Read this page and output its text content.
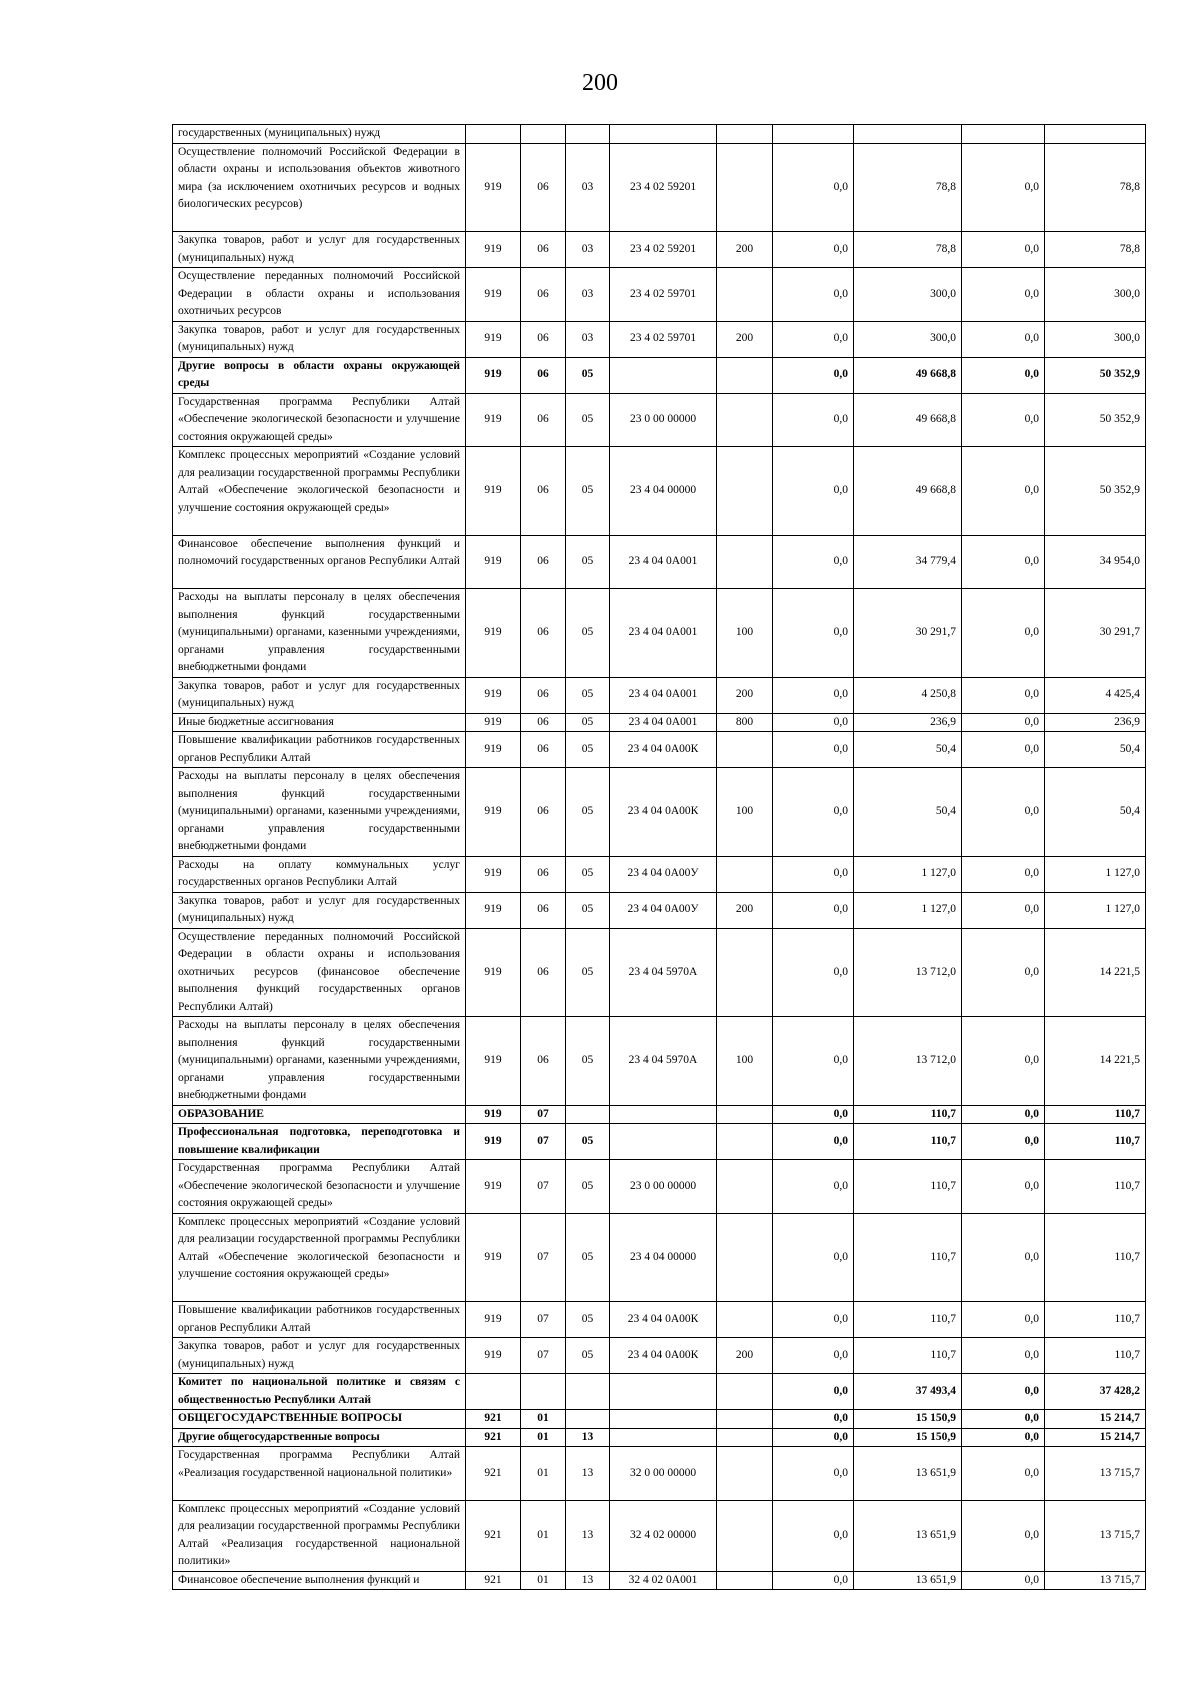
200
государственных (муниципальных) нужд									
Осуществление полномочий Российской Федерации в области охраны и использования объектов животного мира (за исключением охотничьих ресурсов и водных биологических ресурсов)	919	06	03	23 4 02 59201		0,0	78,8	0,0	78,8
Закупка товаров, работ и услуг для государственных (муниципальных) нужд	919	06	03	23 4 02 59201	200	0,0	78,8	0,0	78,8
Осуществление переданных полномочий Российской Федерации в области охраны и использования охотничьих ресурсов	919	06	03	23 4 02 59701		0,0	300,0	0,0	300,0
Закупка товаров, работ и услуг для государственных (муниципальных) нужд	919	06	03	23 4 02 59701	200	0,0	300,0	0,0	300,0
Другие вопросы в области охраны окружающей среды	919	06	05			0,0	49 668,8	0,0	50 352,9
Государственная программа Республики Алтай «Обеспечение экологической безопасности и улучшение состояния окружающей среды»	919	06	05	23 0 00 00000		0,0	49 668,8	0,0	50 352,9
Комплекс процессных мероприятий «Создание условий для реализации государственной программы Республики Алтай «Обеспечение экологической безопасности и улучшение состояния окружающей среды»	919	06	05	23 4 04 00000		0,0	49 668,8	0,0	50 352,9
Финансовое обеспечение выполнения функций и полномочий государственных органов Республики Алтай	919	06	05	23 4 04 0А001		0,0	34 779,4	0,0	34 954,0
Расходы на выплаты персоналу в целях обеспечения выполнения функций государственными (муниципальными) органами, казенными учреждениями, органами управления государственными внебюджетными фондами	919	06	05	23 4 04 0А001	100	0,0	30 291,7	0,0	30 291,7
Закупка товаров, работ и услуг для государственных (муниципальных) нужд	919	06	05	23 4 04 0А001	200	0,0	4 250,8	0,0	4 425,4
Иные бюджетные ассигнования	919	06	05	23 4 04 0А001	800	0,0	236,9	0,0	236,9
Повышение квалификации работников государственных органов Республики Алтай	919	06	05	23 4 04 0А00К		0,0	50,4	0,0	50,4
Расходы на выплаты персоналу в целях обеспечения выполнения функций государственными (муниципальными) органами, казенными учреждениями, органами управления государственными внебюджетными фондами	919	06	05	23 4 04 0А00К	100	0,0	50,4	0,0	50,4
Расходы на оплату коммунальных услуг государственных органов Республики Алтай	919	06	05	23 4 04 0А00У		0,0	1 127,0	0,0	1 127,0
Закупка товаров, работ и услуг для государственных (муниципальных) нужд	919	06	05	23 4 04 0А00У	200	0,0	1 127,0	0,0	1 127,0
Осуществление переданных полномочий Российской Федерации в области охраны и использования охотничьих ресурсов (финансовое обеспечение выполнения функций государственных органов Республики Алтай)	919	06	05	23 4 04 5970А		0,0	13 712,0	0,0	14 221,5
Расходы на выплаты персоналу в целях обеспечения выполнения функций государственными (муниципальными) органами, казенными учреждениями, органами управления государственными внебюджетными фондами	919	06	05	23 4 04 5970А	100	0,0	13 712,0	0,0	14 221,5
ОБРАЗОВАНИЕ	919	07				0,0	110,7	0,0	110,7
Профессиональная подготовка, переподготовка и повышение квалификации	919	07	05			0,0	110,7	0,0	110,7
Государственная программа Республики Алтай «Обеспечение экологической безопасности и улучшение состояния окружающей среды»	919	07	05	23 0 00 00000		0,0	110,7	0,0	110,7
Комплекс процессных мероприятий «Создание условий для реализации государственной программы Республики Алтай «Обеспечение экологической безопасности и улучшение состояния окружающей среды»	919	07	05	23 4 04 00000		0,0	110,7	0,0	110,7
Повышение квалификации работников государственных органов Республики Алтай	919	07	05	23 4 04 0А00К		0,0	110,7	0,0	110,7
Закупка товаров, работ и услуг для государственных (муниципальных) нужд	919	07	05	23 4 04 0А00К	200	0,0	110,7	0,0	110,7
Комитет по национальной политике и связям с общественностью Республики Алтай						0,0	37 493,4	0,0	37 428,2
ОБЩЕГОСУДАРСТВЕННЫЕ ВОПРОСЫ	921	01				0,0	15 150,9	0,0	15 214,7
Другие общегосударственные вопросы	921	01	13			0,0	15 150,9	0,0	15 214,7
Государственная программа Республики Алтай «Реализация государственной национальной политики»	921	01	13	32 0 00 00000		0,0	13 651,9	0,0	13 715,7
Комплекс процессных мероприятий «Создание условий для реализации государственной программы Республики Алтай «Реализация государственной национальной политики»	921	01	13	32 4 02 00000		0,0	13 651,9	0,0	13 715,7
Финансовое обеспечение выполнения функций и	921	01	13	32 4 02 0А001		0,0	13 651,9	0,0	13 715,7
